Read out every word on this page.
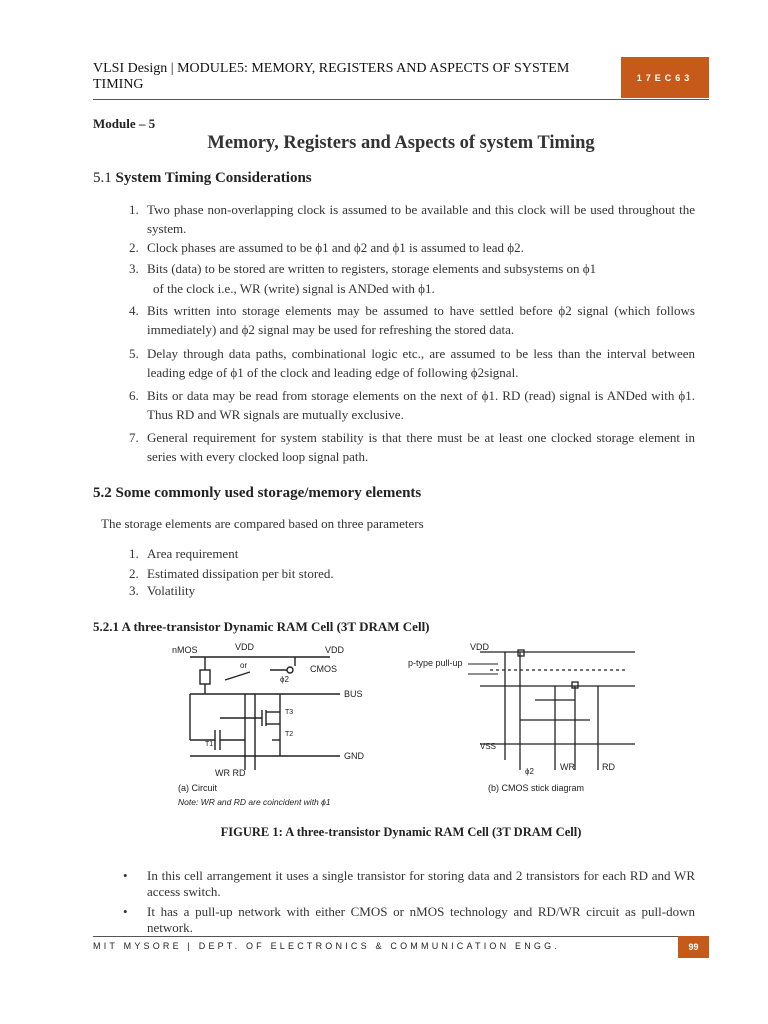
VLSI Design | MODULE5: MEMORY, REGISTERS AND ASPECTS OF SYSTEM TIMING	17EC63
Module – 5
Memory, Registers and Aspects of system Timing
5.1 System Timing Considerations
1. Two phase non-overlapping clock is assumed to be available and this clock will be used throughout the system.
2. Clock phases are assumed to be ϕ1 and ϕ2 and ϕ1 is assumed to lead ϕ2.
3. Bits (data) to be stored are written to registers, storage elements and subsystems on ϕ1
of the clock i.e., WR (write) signal is ANDed with ϕ1.
4. Bits written into storage elements may be assumed to have settled before ϕ2 signal (which follows immediately) and ϕ2 signal may be used for refreshing the stored data.
5. Delay through data paths, combinational logic etc., are assumed to be less than the interval between leading edge of ϕ1 of the clock and leading edge of following ϕ2signal.
6. Bits or data may be read from storage elements on the next of ϕ1. RD (read) signal is ANDed with ϕ1. Thus RD and WR signals are mutually exclusive.
7. General requirement for system stability is that there must be at least one clocked storage element in series with every clocked loop signal path.
5.2 Some commonly used storage/memory elements
The storage elements are compared based on three parameters
1. Area requirement
2. Estimated dissipation per bit stored.
3. Volatility
5.2.1 A three-transistor Dynamic RAM Cell (3T DRAM Cell)
nMOS
or
VDD	VDD
CMOS
ϕ2
BUS
T3
T2
T1
GND
WR RD
(a) Circuit
Note: WR and RD are coincident with ϕ1
p-type pull-up
VDD
VSS
ϕ2	WR	RD
(b) CMOS stick diagram
FIGURE 1: A three-transistor Dynamic RAM Cell (3T DRAM Cell)
• In this cell arrangement it uses a single transistor for storing data and 2 transistors for each RD and WR access switch.
• It has a pull-up network with either CMOS or nMOS technology and RD/WR circuit as pull-down network.
MIT MYSORE | DEPT. OF ELECTRONICS & COMMUNICATION ENGG.	99
